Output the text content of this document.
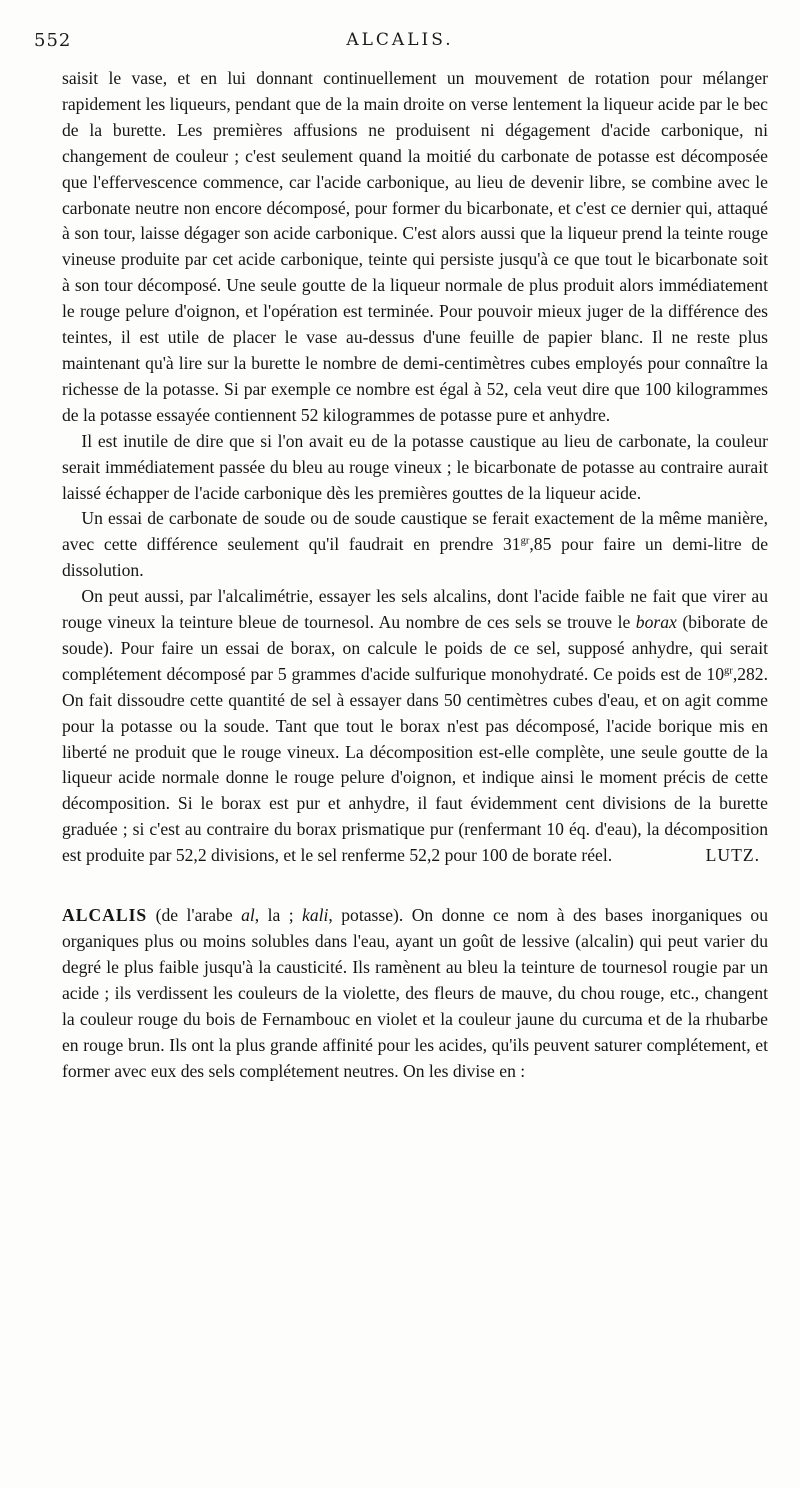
552	ALCALIS.

saisit le vase, et en lui donnant continuellement un mouvement de rotation pour mélanger rapidement les liqueurs, pendant que de la main droite on verse lentement la liqueur acide par le bec de la burette. Les premières affusions ne produisent ni dégagement d'acide carbonique, ni changement de couleur ; c'est seulement quand la moitié du carbonate de potasse est décomposée que l'effervescence commence, car l'acide carbonique, au lieu de devenir libre, se combine avec le carbonate neutre non encore décomposé, pour former du bicarbonate, et c'est ce dernier qui, attaqué à son tour, laisse dégager son acide carbonique. C'est alors aussi que la liqueur prend la teinte rouge vineuse produite par cet acide carbonique, teinte qui persiste jusqu'à ce que tout le bicarbonate soit à son tour décomposé. Une seule goutte de la liqueur normale de plus produit alors immédiatement le rouge pelure d'oignon, et l'opération est terminée. Pour pouvoir mieux juger de la différence des teintes, il est utile de placer le vase au-dessus d'une feuille de papier blanc. Il ne reste plus maintenant qu'à lire sur la burette le nombre de demi-centimètres cubes employés pour connaître la richesse de la potasse. Si par exemple ce nombre est égal à 52, cela veut dire que 100 kilogrammes de la potasse essayée contiennent 52 kilogrammes de potasse pure et anhydre.

Il est inutile de dire que si l'on avait eu de la potasse caustique au lieu de carbonate, la couleur serait immédiatement passée du bleu au rouge vineux ; le bicarbonate de potasse au contraire aurait laissé échapper de l'acide carbonique dès les premières gouttes de la liqueur acide.

Un essai de carbonate de soude ou de soude caustique se ferait exactement de la même manière, avec cette différence seulement qu'il faudrait en prendre $31^{gr},85$ pour faire un demi-litre de dissolution.

On peut aussi, par l'alcalimétrie, essayer les sels alcalins, dont l'acide faible ne fait que virer au rouge vineux la teinture bleue de tournesol. Au nombre de ces sels se trouve le borax (biborate de soude). Pour faire un essai de borax, on calcule le poids de ce sel, supposé anhydre, qui serait complétement décomposé par 5 grammes d'acide sulfurique monohydraté. Ce poids est de $10^{gr},282$. On fait dissoudre cette quantité de sel à essayer dans 50 centimètres cubes d'eau, et on agit comme pour la potasse ou la soude. Tant que tout le borax n'est pas décomposé, l'acide borique mis en liberté ne produit que le rouge vineux. La décomposition est-elle complète, une seule goutte de la liqueur acide normale donne le rouge pelure d'oignon, et indique ainsi le moment précis de cette décomposition. Si le borax est pur et anhydre, il faut évidemment cent divisions de la burette graduée ; si c'est au contraire du borax prismatique pur (renfermant 10 éq. d'eau), la décomposition est produite par 52,2 divisions, et le sel renferme 52,2 pour 100 de borate réel.	LUTZ.

ALCALIS (de l'arabe al, la ; kali, potasse). On donne ce nom à des bases inorganiques ou organiques plus ou moins solubles dans l'eau, ayant un goût de lessive (alcalin) qui peut varier du degré le plus faible jusqu'à la causticité. Ils ramènent au bleu la teinture de tournesol rougie par un acide ; ils verdissent les couleurs de la violette, des fleurs de mauve, du chou rouge, etc., changent la couleur rouge du bois de Fernambouc en violet et la couleur jaune du curcuma et de la rhubarbe en rouge brun. Ils ont la plus grande affinité pour les acides, qu'ils peuvent saturer complétement, et former avec eux des sels complétement neutres. On les divise en :
